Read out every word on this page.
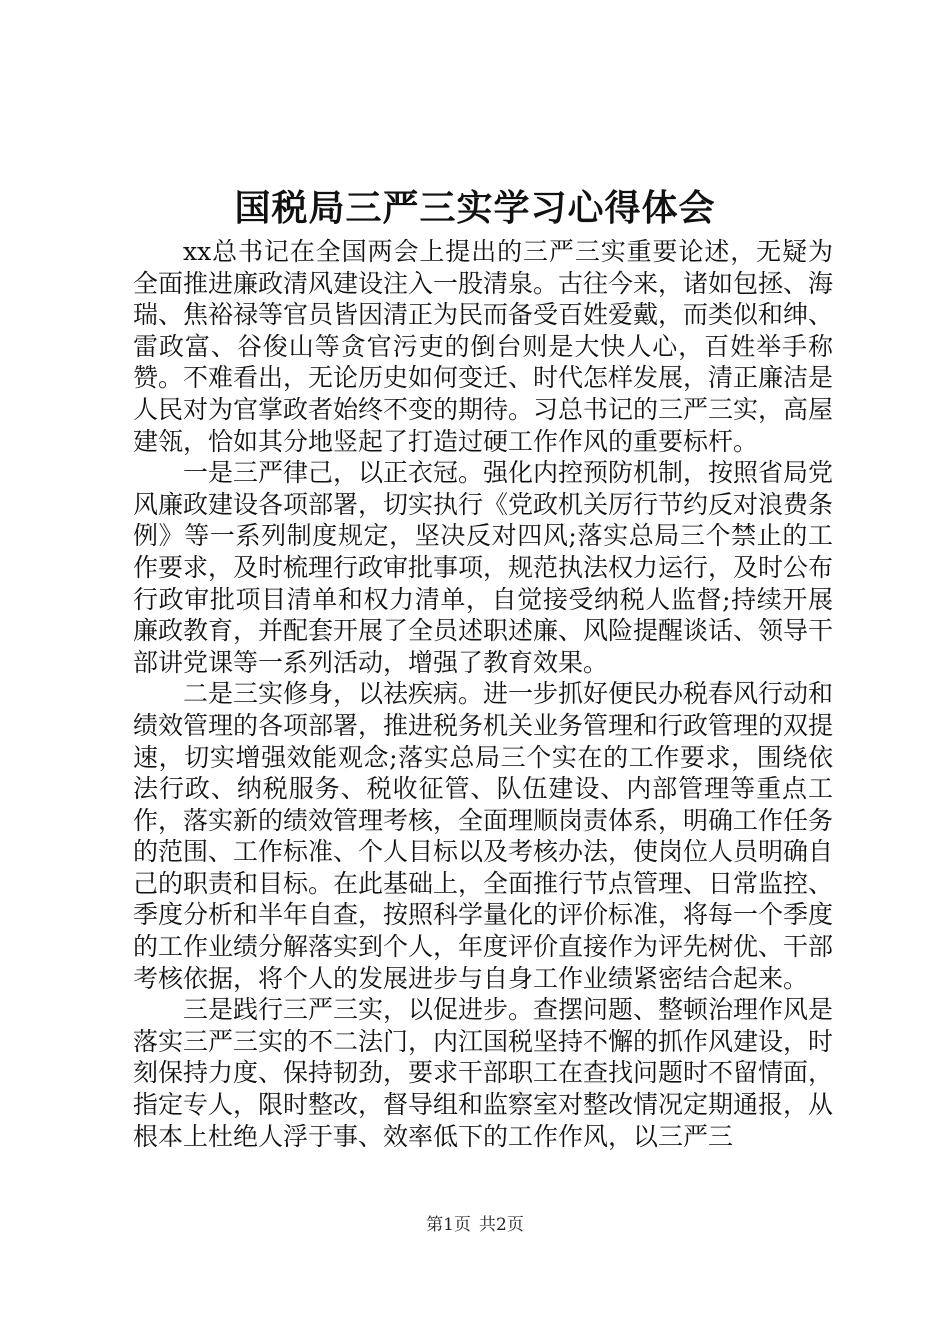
国税局三严三实学习心得体会

xx总书记在全国两会上提出的三严三实重要论述，无疑为全面推进廉政清风建设注入一股清泉。古往今来，诸如包拯、海瑞、焦裕禄等官员皆因清正为民而备受百姓爱戴，而类似和绅、雷政富、谷俊山等贪官污吏的倒台则是大快人心，百姓举手称赞。不难看出，无论历史如何变迁、时代怎样发展，清正廉洁是人民对为官掌政者始终不变的期待。习总书记的三严三实，高屋建瓴，恰如其分地竖起了打造过硬工作作风的重要标杆。

一是三严律己，以正衣冠。强化内控预防机制，按照省局党风廉政建设各项部署，切实执行《党政机关厉行节约反对浪费条例》等一系列制度规定，坚决反对四风;落实总局三个禁止的工作要求，及时梳理行政审批事项，规范执法权力运行，及时公布行政审批项目清单和权力清单，自觉接受纳税人监督;持续开展廉政教育，并配套开展了全员述职述廉、风险提醒谈话、领导干部讲党课等一系列活动，增强了教育效果。

二是三实修身，以祛疾病。进一步抓好便民办税春风行动和绩效管理的各项部署，推进税务机关业务管理和行政管理的双提速，切实增强效能观念;落实总局三个实在的工作要求，围绕依法行政、纳税服务、税收征管、队伍建设、内部管理等重点工作，落实新的绩效管理考核，全面理顺岗责体系，明确工作任务的范围、工作标准、个人目标以及考核办法，使岗位人员明确自己的职责和目标。在此基础上，全面推行节点管理、日常监控、季度分析和半年自查，按照科学量化的评价标准，将每一个季度的工作业绩分解落实到个人，年度评价直接作为评先树优、干部考核依据，将个人的发展进步与自身工作业绩紧密结合起来。

三是践行三严三实，以促进步。查摆问题、整顿治理作风是落实三严三实的不二法门，内江国税坚持不懈的抓作风建设，时刻保持力度、保持韧劲，要求干部职工在查找问题时不留情面，指定专人，限时整改，督导组和监察室对整改情况定期通报，从根本上杜绝人浮于事、效率低下的工作作风，以三严三

第1页 共2页
